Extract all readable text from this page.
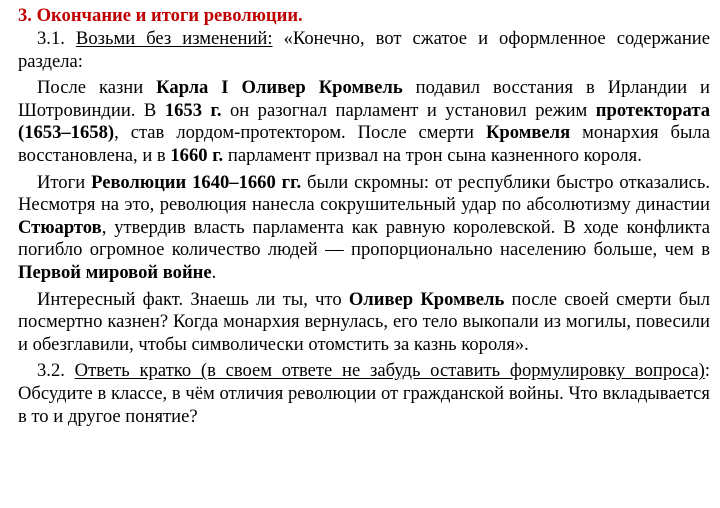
3. Окончание и итоги революции.

3.1. Возьми без изменений: «Конечно, вот сжатое и оформленное содержание раздела:

После казни Карла I Оливер Кромвель подавил восстания в Ирландии и Шотровиндии. В 1653 г. он разогнал парламент и установил режим протектората (1653–1658), став лордом-протектором. После смерти Кромвеля монархия была восстановлена, и в 1660 г. парламент призвал на трон сына казненного короля.

Итоги Революции 1640–1660 гг. были скромны: от республики быстро отказались. Несмотря на это, революция нанесла сокрушительный удар по абсолютизму династии Стюартов, утвердив власть парламента как равную королевской. В ходе конфликта погибло огромное количество людей — пропорционально населению больше, чем в Первой мировой войне.

Интересный факт. Знаешь ли ты, что Оливер Кромвель после своей смерти был посмертно казнен? Когда монархия вернулась, его тело выкопали из могилы, повесили и обезглавили, чтобы символически отомстить за казнь короля».

3.2. Ответь кратко (в своем ответе не забудь оставить формулировку вопроса): Обсудите в классе, в чём отличия революции от гражданской войны. Что вкладывается в то и другое понятие?
